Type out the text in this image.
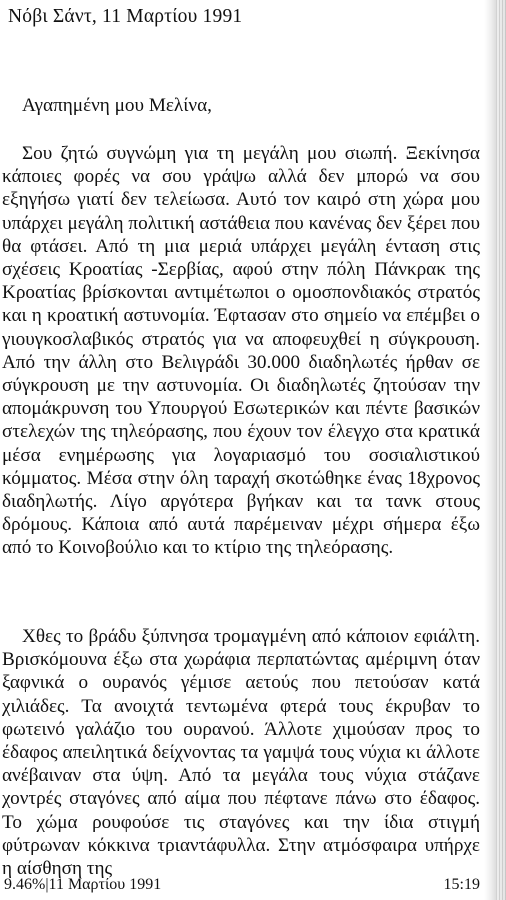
Νόβι Σάντ, 11 Μαρτίου 1991
Αγαπημένη μου Μελίνα,

Σου ζητώ συγνώμη για τη μεγάλη μου σιωπή. Ξεκίνησα κάποιες φορές να σου γράψω αλλά δεν μπορώ να σου εξηγήσω γιατί δεν τελείωσα. Αυτό τον καιρό στη χώρα μου υπάρχει μεγάλη πολιτική αστάθεια που κανένας δεν ξέρει που θα φτάσει. Από τη μια μεριά υπάρχει μεγάλη ένταση στις σχέσεις Κροατίας -Σερβίας, αφού στην πόλη Πάνκρακ της Κροατίας βρίσκονται αντιμέτωποι ο ομοσπονδιακός στρατός και η κροατική αστυνομία. Έφτασαν στο σημείο να επέμβει ο γιουγκοσλαβικός στρατός για να αποφευχθεί η σύγκρουση. Από την άλλη στο Βελιγράδι 30.000 διαδηλωτές ήρθαν σε σύγκρουση με την αστυνομία. Οι διαδηλωτές ζητούσαν την απομάκρυνση του Υπουργού Εσωτερικών και πέντε βασικών στελεχών της τηλεόρασης, που έχουν τον έλεγχο στα κρατικά μέσα ενημέρωσης για λογαριασμό του σοσιαλιστικού κόμματος. Μέσα στην όλη ταραχή σκοτώθηκε ένας 18χρονος διαδηλωτής. Λίγο αργότερα βγήκαν και τα τανκ στους δρόμους. Κάποια από αυτά παρέμειναν μέχρι σήμερα έξω από το Κοινοβούλιο και το κτίριο της τηλεόρασης.

Χθες το βράδυ ξύπνησα τρομαγμένη από κάποιον εφιάλτη. Βρισκόμουνα έξω στα χωράφια περπατώντας αμέριμνη όταν ξαφνικά ο ουρανός γέμισε αετούς που πετούσαν κατά χιλιάδες. Τα ανοιχτά τεντωμένα φτερά τους έκρυβαν το φωτεινό γαλάζιο του ουρανού. Άλλοτε χιμούσαν προς το έδαφος απειλητικά δείχνοντας τα γαμψά τους νύχια κι άλλοτε ανέβαιναν στα ύψη. Από τα μεγάλα τους νύχια στάζανε χοντρές σταγόνες από αίμα που πέφτανε πάνω στο έδαφος. Το χώμα ρουφούσε τις σταγόνες και την ίδια στιγμή φύτρωναν κόκκινα τριαντάφυλλα. Στην ατμόσφαιρα υπήρχε η αίσθηση της

9.46%|11 Μαρτίου 1991	15:19
